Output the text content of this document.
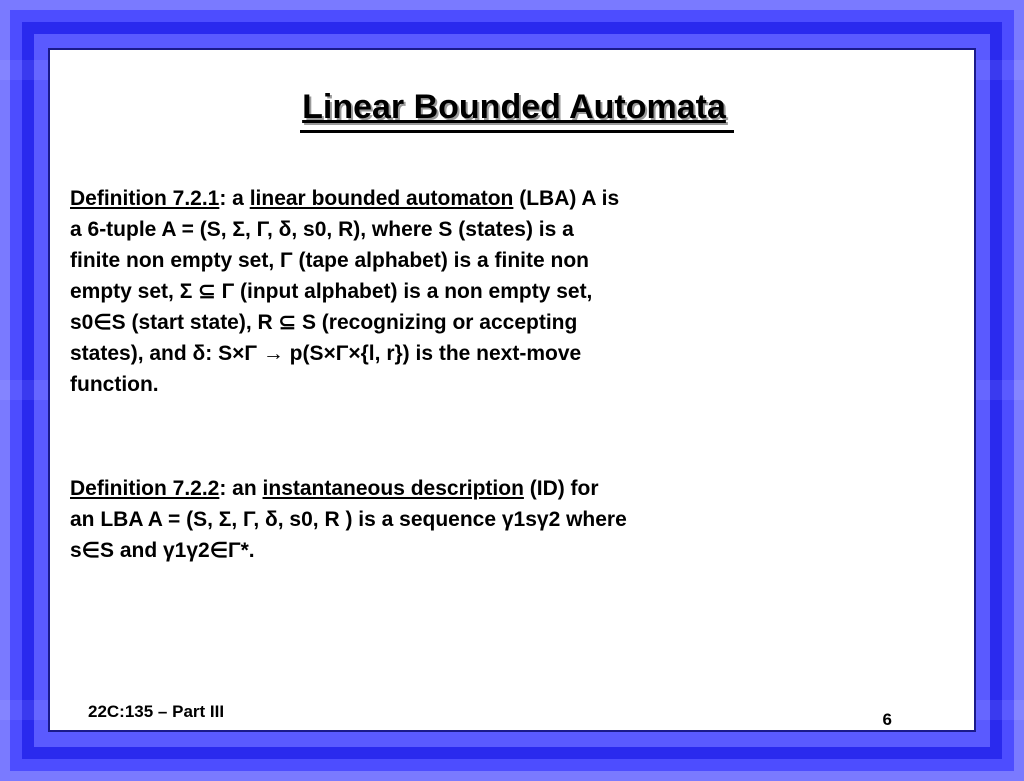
Linear Bounded Automata
Definition 7.2.1: a linear bounded automaton (LBA) A is
a 6-tuple A = (S, Σ, Γ, δ, s0, R), where S (states) is a
finite non empty set, Γ (tape alphabet) is a finite non
empty set, Σ ⊆ Γ (input alphabet) is a non empty set,
s0∈S (start state), R ⊆ S (recognizing or accepting
states), and δ: S×Γ → p(S×Γ×{l, r}) is the next-move
function.
Definition 7.2.2: an instantaneous description (ID) for
an LBA A = (S, Σ, Γ, δ, s0, R ) is a sequence γ1sγ2 where
s∈S and γ1γ2∈Γ*.
22C:135 – Part III	6
